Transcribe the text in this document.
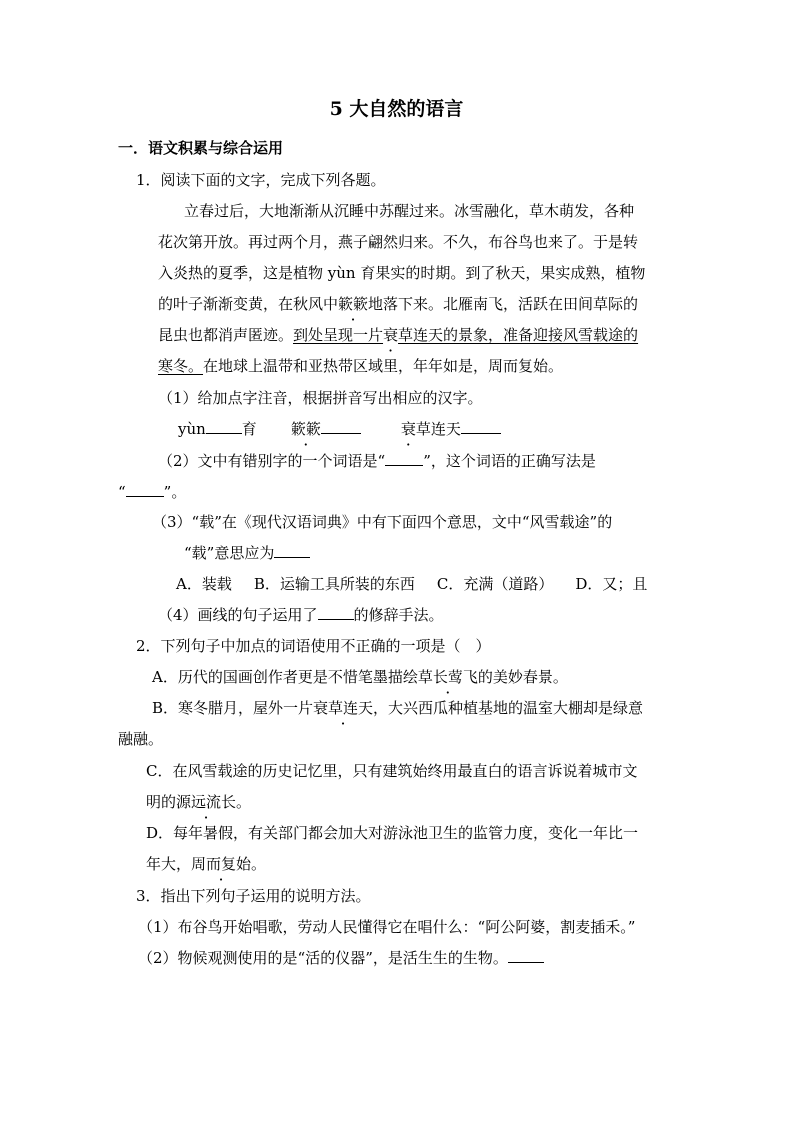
5 大自然的语言
一．语文积累与综合运用
1．阅读下面的文字，完成下列各题。
立春过后，大地渐渐从沉睡中苏醒过来。冰雪融化，草木萌发，各种
花次第开放。再过两个月，燕子翩然归来。不久，布谷鸟也来了。于是转
入炎热的夏季，这是植物 yùn 育果实的时期。到了秋天，果实成熟，植物
的叶子渐渐变黄，在秋风中簌簌地落下来。北雁南飞，活跃在田间草际的
昆虫也都消声匿迹。到处呈现一片衰草连天的景象，准备迎接风雪载途的
寒冬。在地球上温带和亚热带区域里，年年如是，周而复始。
（1）给加点字注音，根据拼音写出相应的汉字。
yùn 育 簌簌	衰草连天
（2）文中有错别字的一个词语是“	”，这个词语的正确写法是
“	”。
（3）“载”在《现代汉语词典》中有下面四个意思，文中“风雪载途”的
“载”意思应为
A．装载 B．运输工具所装的东西 C．充满（道路） D．又；且
（4）画线的句子运用了 的修辞手法。
2．下列句子中加点的词语使用不正确的一项是（　）
A．历代的国画创作者更是不惜笔墨描绘草长莺飞的美妙春景。
B．寒冬腊月，屋外一片衰草连天，大兴西瓜种植基地的温室大棚却是绿意
融融。
C．在风雪载途的历史记忆里，只有建筑始终用最直白的语言诉说着城市文
明的源远流长。
D．每年暑假，有关部门都会加大对游泳池卫生的监管力度，变化一年比一
年大，周而复始。
3．指出下列句子运用的说明方法。
（1）布谷鸟开始唱歌，劳动人民懂得它在唱什么：“阿公阿婆，割麦插禾。”
（2）物候观测使用的是“活的仪器”，是活生生的生物。
